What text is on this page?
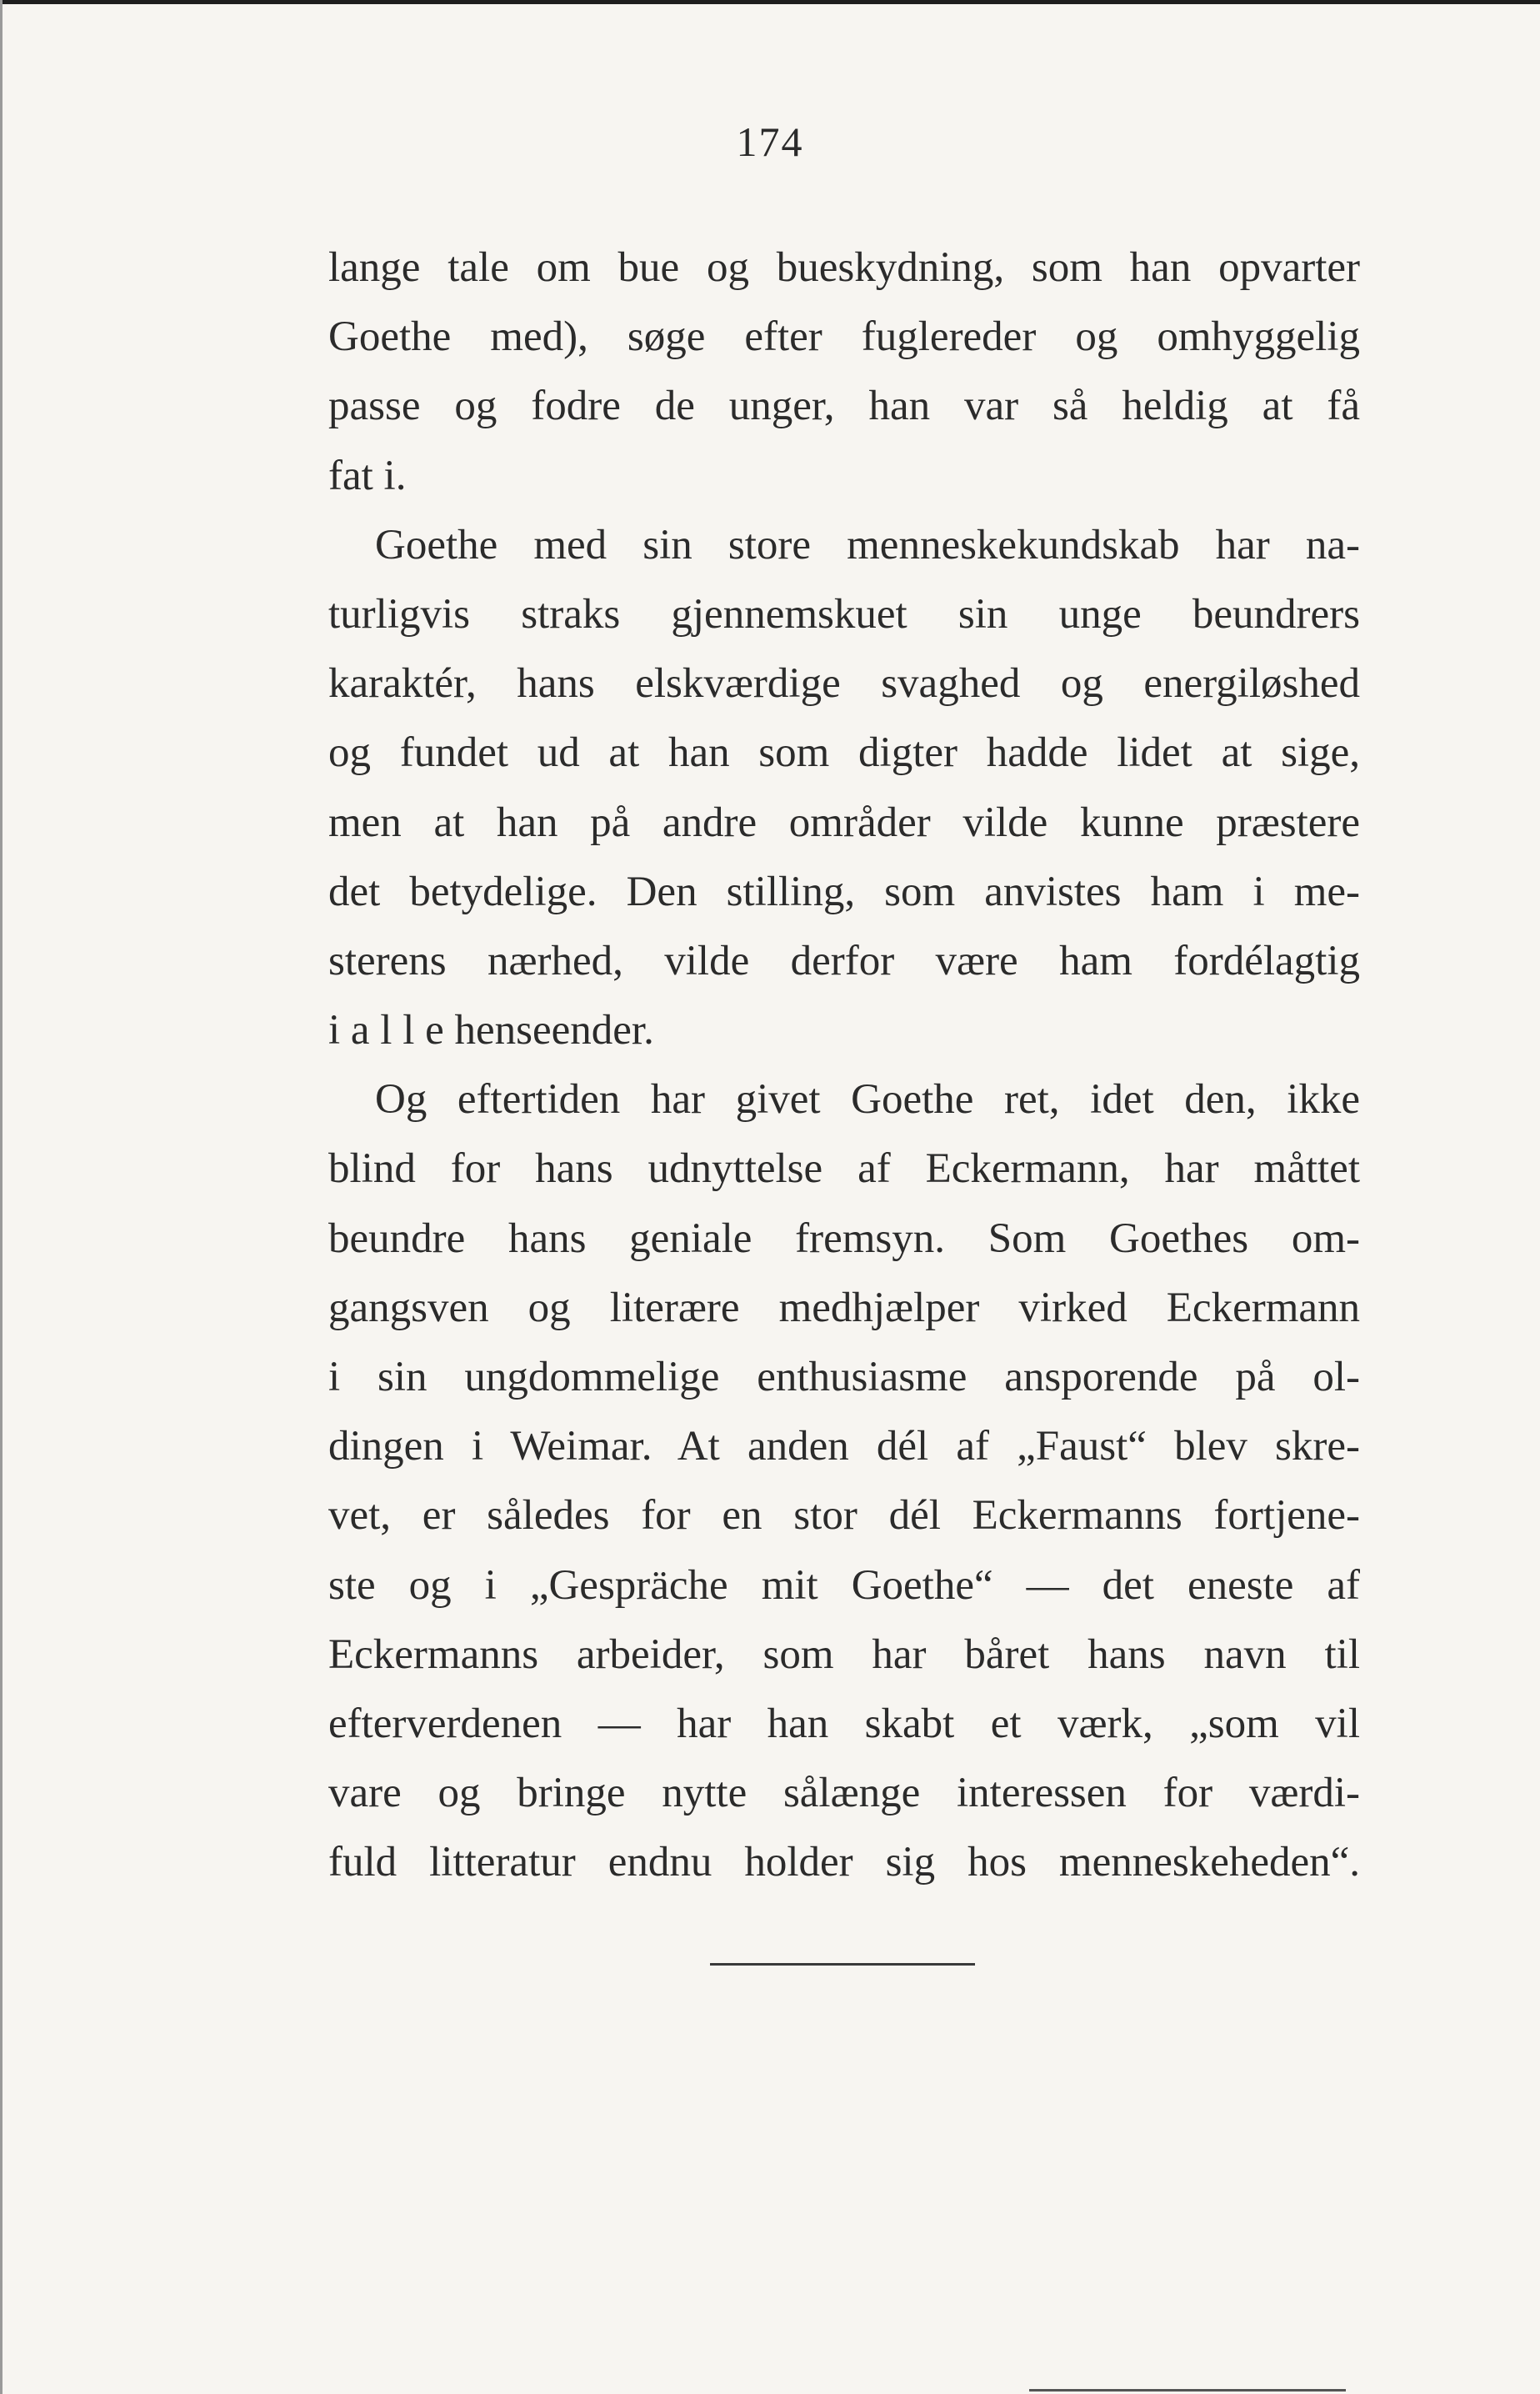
174
lange tale om bue og bueskydning, som han opvarter
Goethe med), søge efter fuglereder og omhyggelig
passe og fodre de unger, han var så heldig at få
fat i.
Goethe med sin store menneskekundskab har na-
turligvis straks gjennemskuet sin unge beundrers
karaktér, hans elskværdige svaghed og energiløshed
og fundet ud at han som digter hadde lidet at sige,
men at han på andre områder vilde kunne præstere
det betydelige. Den stilling, som anvistes ham i me-
sterens nærhed, vilde derfor være ham fordélagtig
i a l l e henseender.
Og eftertiden har givet Goethe ret, idet den, ikke
blind for hans udnyttelse af Eckermann, har måttet
beundre hans geniale fremsyn. Som Goethes om-
gangsven og literære medhjælper virked Eckermann
i sin ungdommelige enthusiasme ansporende på ol-
dingen i Weimar. At anden dél af „Faust“ blev skre-
vet, er således for en stor dél Eckermanns fortjene-
ste og i „Gespräche mit Goethe“ — det eneste af
Eckermanns arbeider, som har båret hans navn til
efterverdenen — har han skabt et værk, „som vil
vare og bringe nytte sålænge interessen for værdi-
fuld litteratur endnu holder sig hos menneskeheden“.
